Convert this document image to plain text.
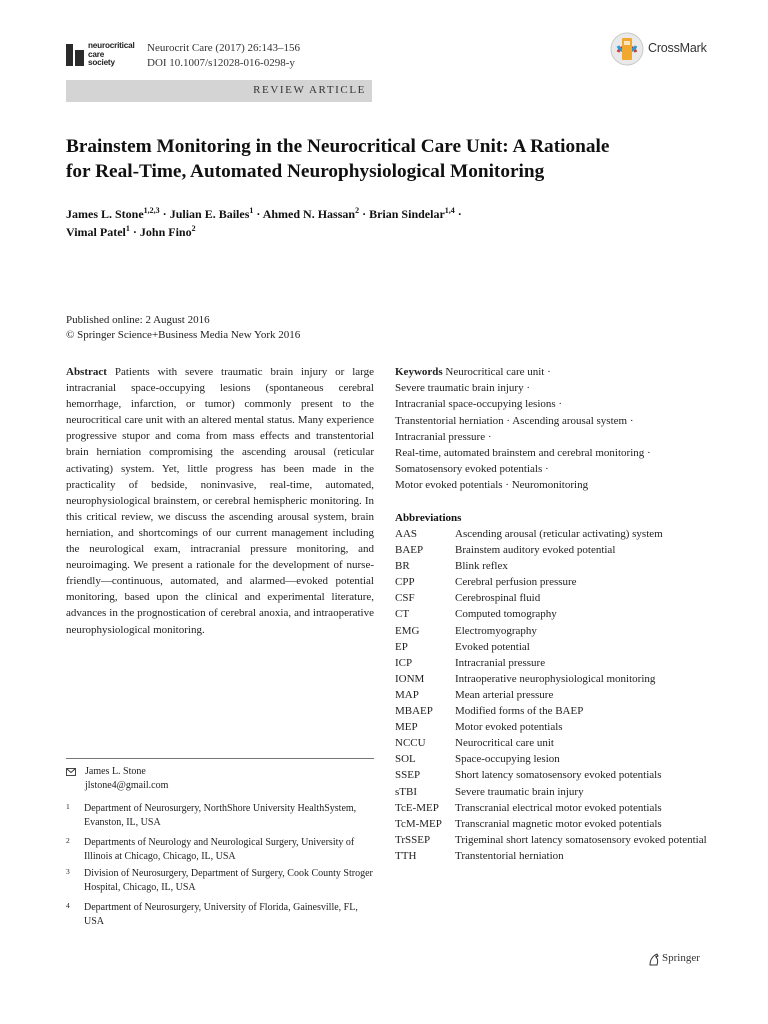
neurocritical
care
society
Neurocrit Care (2017) 26:143–156
DOI 10.1007/s12028-016-0298-y
CrossMark
REVIEW ARTICLE
Brainstem Monitoring in the Neurocritical Care Unit: A Rationale
for Real-Time, Automated Neurophysiological Monitoring
James L. Stone$^{1,2,3}$ · Julian E. Bailes$^1$ · Ahmed N. Hassan$^2$ · Brian Sindelar$^{1,4}$ ·
Vimal Patel$^1$ · John Fino$^2$
Published online: 2 August 2016
© Springer Science+Business Media New York 2016
Abstract Patients with severe traumatic brain injury or large intracranial space-occupying lesions (spontaneous cerebral hemorrhage, infarction, or tumor) commonly present to the neurocritical care unit with an altered mental status. Many experience progressive stupor and coma from mass effects and transtentorial brain herniation compromising the ascending arousal (reticular activating) system. Yet, little progress has been made in the practicality of bedside, noninvasive, real-time, automated, neurophysiological brainstem, or cerebral hemispheric monitoring. In this critical review, we discuss the ascending arousal system, brain herniation, and shortcomings of our current management including the neurological exam, intracranial pressure monitoring, and neuroimaging. We present a rationale for the development of nurse-friendly—continuous, automated, and alarmed—evoked potential monitoring, based upon the clinical and experimental literature, advances in the prognostication of cerebral anoxia, and intraoperative neurophysiological monitoring.
James L. Stone
jlstone4@gmail.com
1 Department of Neurosurgery, NorthShore University HealthSystem, Evanston, IL, USA
2 Departments of Neurology and Neurological Surgery, University of Illinois at Chicago, Chicago, IL, USA
3 Division of Neurosurgery, Department of Surgery, Cook County Stroger Hospital, Chicago, IL, USA
4 Department of Neurosurgery, University of Florida, Gainesville, FL, USA
Keywords Neurocritical care unit ·
Severe traumatic brain injury ·
Intracranial space-occupying lesions ·
Transtentorial herniation · Ascending arousal system ·
Intracranial pressure ·
Real-time, automated brainstem and cerebral monitoring ·
Somatosensory evoked potentials ·
Motor evoked potentials · Neuromonitoring
Abbreviations
AAS	Ascending arousal (reticular activating) system
BAEP	Brainstem auditory evoked potential
BR	Blink reflex
CPP	Cerebral perfusion pressure
CSF	Cerebrospinal fluid
CT	Computed tomography
EMG	Electromyography
EP	Evoked potential
ICP	Intracranial pressure
IONM	Intraoperative neurophysiological monitoring
MAP	Mean arterial pressure
MBAEP	Modified forms of the BAEP
MEP	Motor evoked potentials
NCCU	Neurocritical care unit
SOL	Space-occupying lesion
SSEP	Short latency somatosensory evoked potentials
sTBI	Severe traumatic brain injury
TcE-MEP	Transcranial electrical motor evoked potentials
TcM-MEP	Transcranial magnetic motor evoked potentials
TrSSEP	Trigeminal short latency somatosensory evoked potential
TTH	Transtentorial herniation
Springer
